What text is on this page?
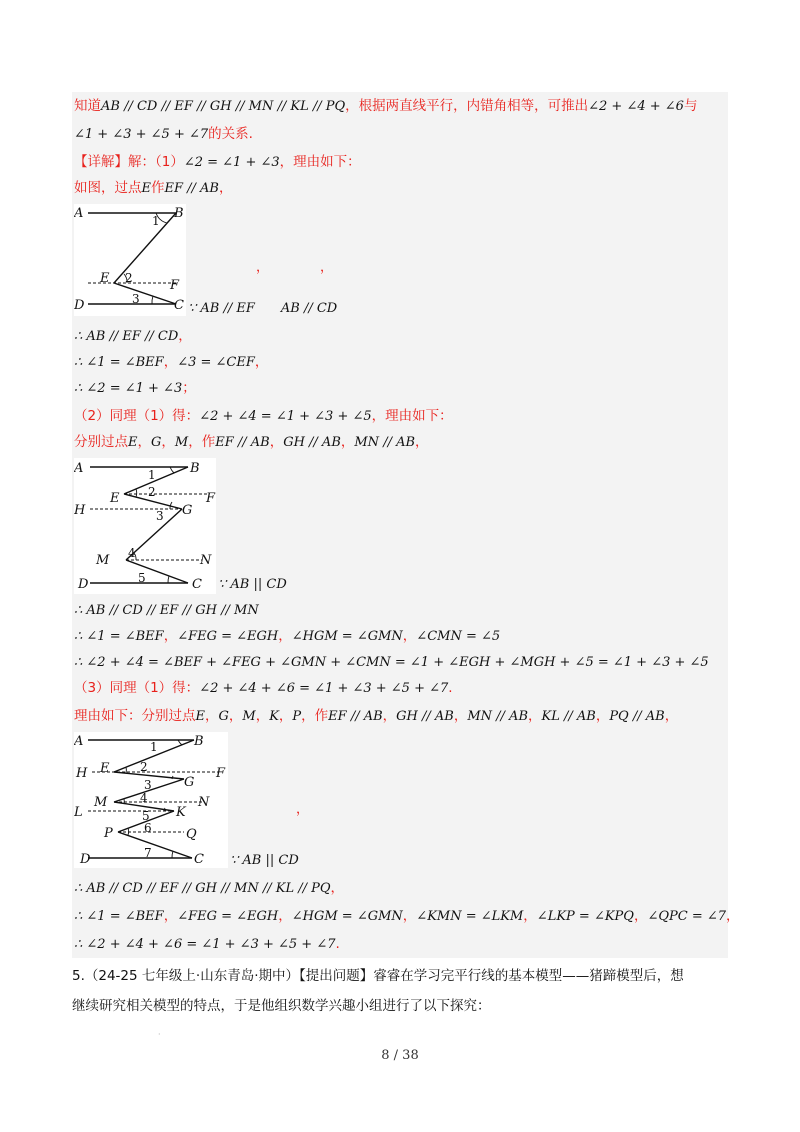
知道AB // CD // EF // GH // MN // KL // PQ，根据两直线平行，内错角相等，可推出∠2 + ∠4 + ∠6与
∠1 + ∠3 + ∠5 + ∠7的关系.
【详解】解：（1）∠2 = ∠1 + ∠3，理由如下：
如图，过点E作EF // AB，
A	B
E	F
D	C
1
2
3
，	，
∵ AB // EF AB // CD
∴ AB // EF // CD，
∴ ∠1 = ∠BEF，∠3 = ∠CEF，
∴ ∠2 = ∠1 + ∠3；
（2）同理（1）得：∠2 + ∠4 = ∠1 + ∠3 + ∠5，理由如下：
分别过点E，G，M，作EF // AB，GH // AB，MN // AB，
A	B
E	F
H	G
M	N
D	C
1
2
3
4
5	∵ AB || CD
∴ AB // CD // EF // GH // MN
∴ ∠1 = ∠BEF，∠FEG = ∠EGH，∠HGM = ∠GMN，∠CMN = ∠5
∴ ∠2 + ∠4 = ∠BEF + ∠FEG + ∠GMN + ∠CMN = ∠1 + ∠EGH + ∠MGH + ∠5 = ∠1 + ∠3 + ∠5
（3）同理（1）得：∠2 + ∠4 + ∠6 = ∠1 + ∠3 + ∠5 + ∠7.
理由如下：分别过点E，G，M，K，P，作EF // AB，GH // AB，MN // AB，KL // AB，PQ // AB，
A	B
E
H	F
G
M	N
L	K
P	Q
D	C
1
2
3
4
5
6
7
，
∵ AB || CD
∴ AB // CD // EF // GH // MN // KL // PQ，
∴ ∠1 = ∠BEF，∠FEG = ∠EGH，∠HGM = ∠GMN，∠KMN = ∠LKM，∠LKP = ∠KPQ，∠QPC = ∠7，
∴ ∠2 + ∠4 + ∠6 = ∠1 + ∠3 + ∠5 + ∠7.
5.（24-25 七年级上·山东青岛·期中）【提出问题】睿睿在学习完平行线的基本模型——猪蹄模型后，想
继续研究相关模型的特点，于是他组织数学兴趣小组进行了以下探究：
·
8 / 38
